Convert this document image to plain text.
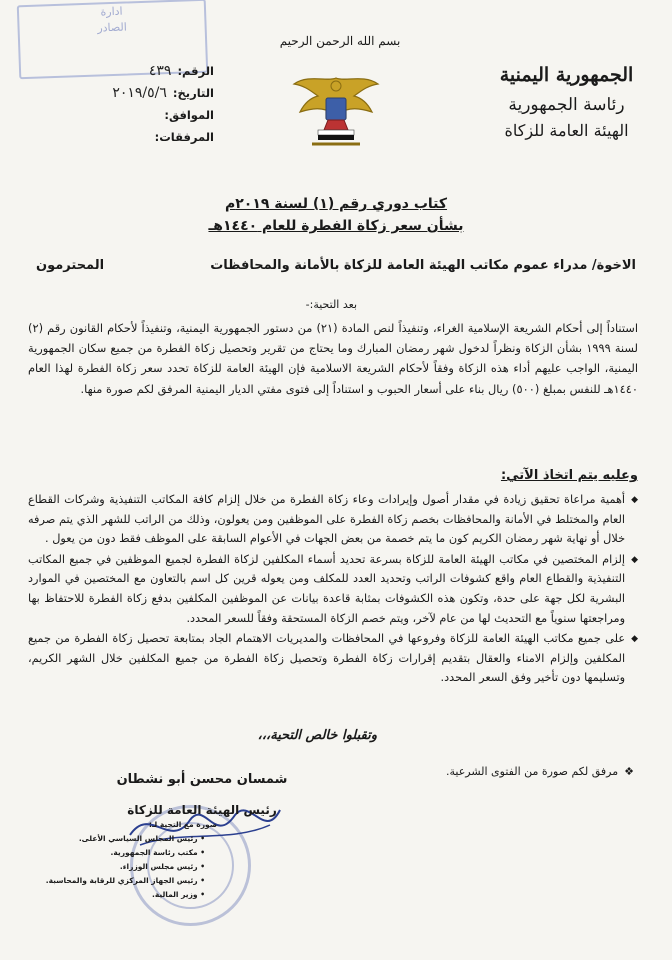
ادارة
الصادر
الرقم:
٤٣٩
التاريخ:
٢٠١٩/٥/٦
الموافق:
المرفقات:
بسم الله الرحمن الرحيم
الجمهورية اليمنية
رئاسة الجمهورية
الهيئة العامة للزكاة
كتاب دوري رقم (١) لسنة ٢٠١٩م
بشأن سعر زكاة الفطرة للعام ١٤٤٠هـ
الاخوة/ مدراء عموم مكاتب الهيئة العامة للزكاة بالأمانة والمحافظات
المحترمون
بعد التحية:-
استناداً إلى أحكام الشريعة الإسلامية الغراء، وتنفيذاً لنص المادة (٢١) من دستور الجمهورية اليمنية، وتنفيذاً لأحكام القانون رقم (٢) لسنة ١٩٩٩ بشأن الزكاة ونظراً لدخول شهر رمضان المبارك وما يحتاج من تقرير وتحصيل زكاة الفطرة من جميع سكان الجمهورية اليمنية، الواجب عليهم أداء هذه الزكاة وفقاً لأحكام الشريعة الاسلامية فإن الهيئة العامة للزكاة تحدد سعر زكاة الفطرة لهذا العام ١٤٤٠هـ للنفس بمبلغ (٥٠٠) ريال بناء على أسعار الحبوب و استناداً إلى فتوى مفتي الديار اليمنية المرفق لكم صورة منها.
وعليه يتم اتخاذ الآتي:
◆
أهمية مراعاة تحقيق زيادة في مقدار أصول وإيرادات وعاء زكاة الفطرة من خلال إلزام كافة المكاتب التنفيذية وشركات القطاع العام والمختلط في الأمانة والمحافظات بخصم زكاة الفطرة على الموظفين ومن يعولون، وذلك من الراتب للشهر الذي يتم صرفه خلال أو نهاية شهر رمضان الكريم كون ما يتم خصمة من بعض الجهات في الأعوام السابقة على الموظف فقط دون من يعول .
◆
إلزام المختصين في مكاتب الهيئة العامة للزكاة بسرعة تحديد أسماء المكلفين لزكاة الفطرة لجميع الموظفين في جميع المكاتب التنفيذية والقطاع العام واقع كشوفات الراتب وتحديد العدد للمكلف ومن يعوله قرين كل اسم بالتعاون مع المختصين في الموارد البشرية لكل جهة على حدة، وتكون هذه الكشوفات بمثابة قاعدة بيانات عن الموظفين المكلفين بدفع زكاة الفطرة للاحتفاظ بها ومراجعتها سنوياً مع التحديث لها من عام لآخر، ويتم خصم الزكاة المستحقة وفقاً للسعر المحدد.
◆
على جميع مكاتب الهيئة العامة للزكاة وفروعها في المحافظات والمديريات الاهتمام الجاد بمتابعة تحصيل زكاة الفطرة من جميع المكلفين وإلزام الامناء والعقال بتقديم إقرارات زكاة الفطرة وتحصيل زكاة الفطرة من جميع المكلفين خلال الشهر الكريم، وتسليمها دون تأخير وفق السعر المحدد.
وتقبلوا خالص التحية،،،
❖
مرفق لكم صورة من الفتوى الشرعية.
شمسان محسن أبو نشطان
رئيس الهيئة العامة للزكاة
صورة مع التحية لـ:
• رئيس المجلس السياسي الأعلى.
• مكتب رئاسة الجمهورية.
• رئيس مجلس الوزراء.
• رئيس الجهاز المركزي للرقابة والمحاسبة.
• وزير المالية.
